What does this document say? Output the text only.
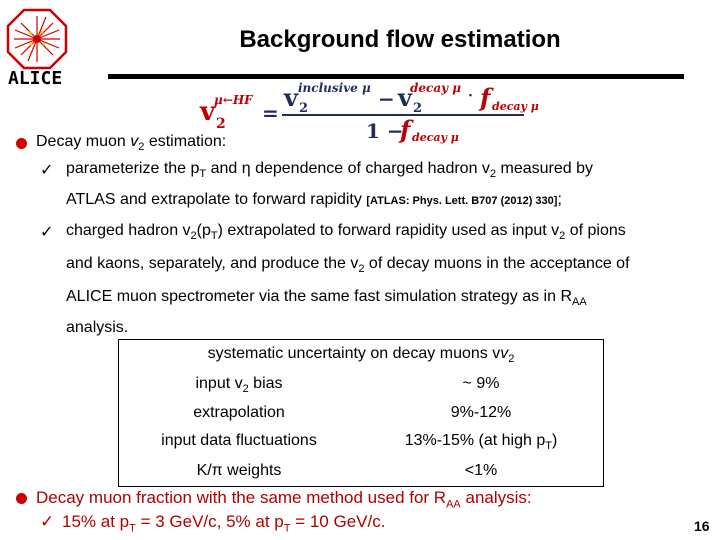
ALICE
Background flow estimation
v 2
μ←HF
=
v 2
inclusive μ − v 2
decay μ · f decay μ
1 −
f decay μ
Decay muon $v_2$ estimation:
✓ parameterize the $p_T$ and η dependence of charged hadron $v_2$ measured by
ATLAS and extrapolate to forward rapidity [ATLAS: Phys. Lett. B707 (2012) 330];
✓ charged hadron $v_2(p_T)$ extrapolated to forward rapidity used as input $v_2$ of pions
and kaons, separately, and produce the $v_2$ of decay muons in the acceptance of
ALICE muon spectrometer via the same fast simulation strategy as in $R_{AA}$
analysis.
systematic uncertainty on decay muons $vv_2$
input $v_2$ bias	~ 9%
extrapolation	9%-12%
input data fluctuations	13%-15% (at high $p_T$)
K/π weights	<1%
Decay muon fraction with the same method used for $R_{AA}$ analysis:
✓ 15% at $p_T = 3$ GeV/c, 5% at $p_T = 10$ GeV/c.	16
